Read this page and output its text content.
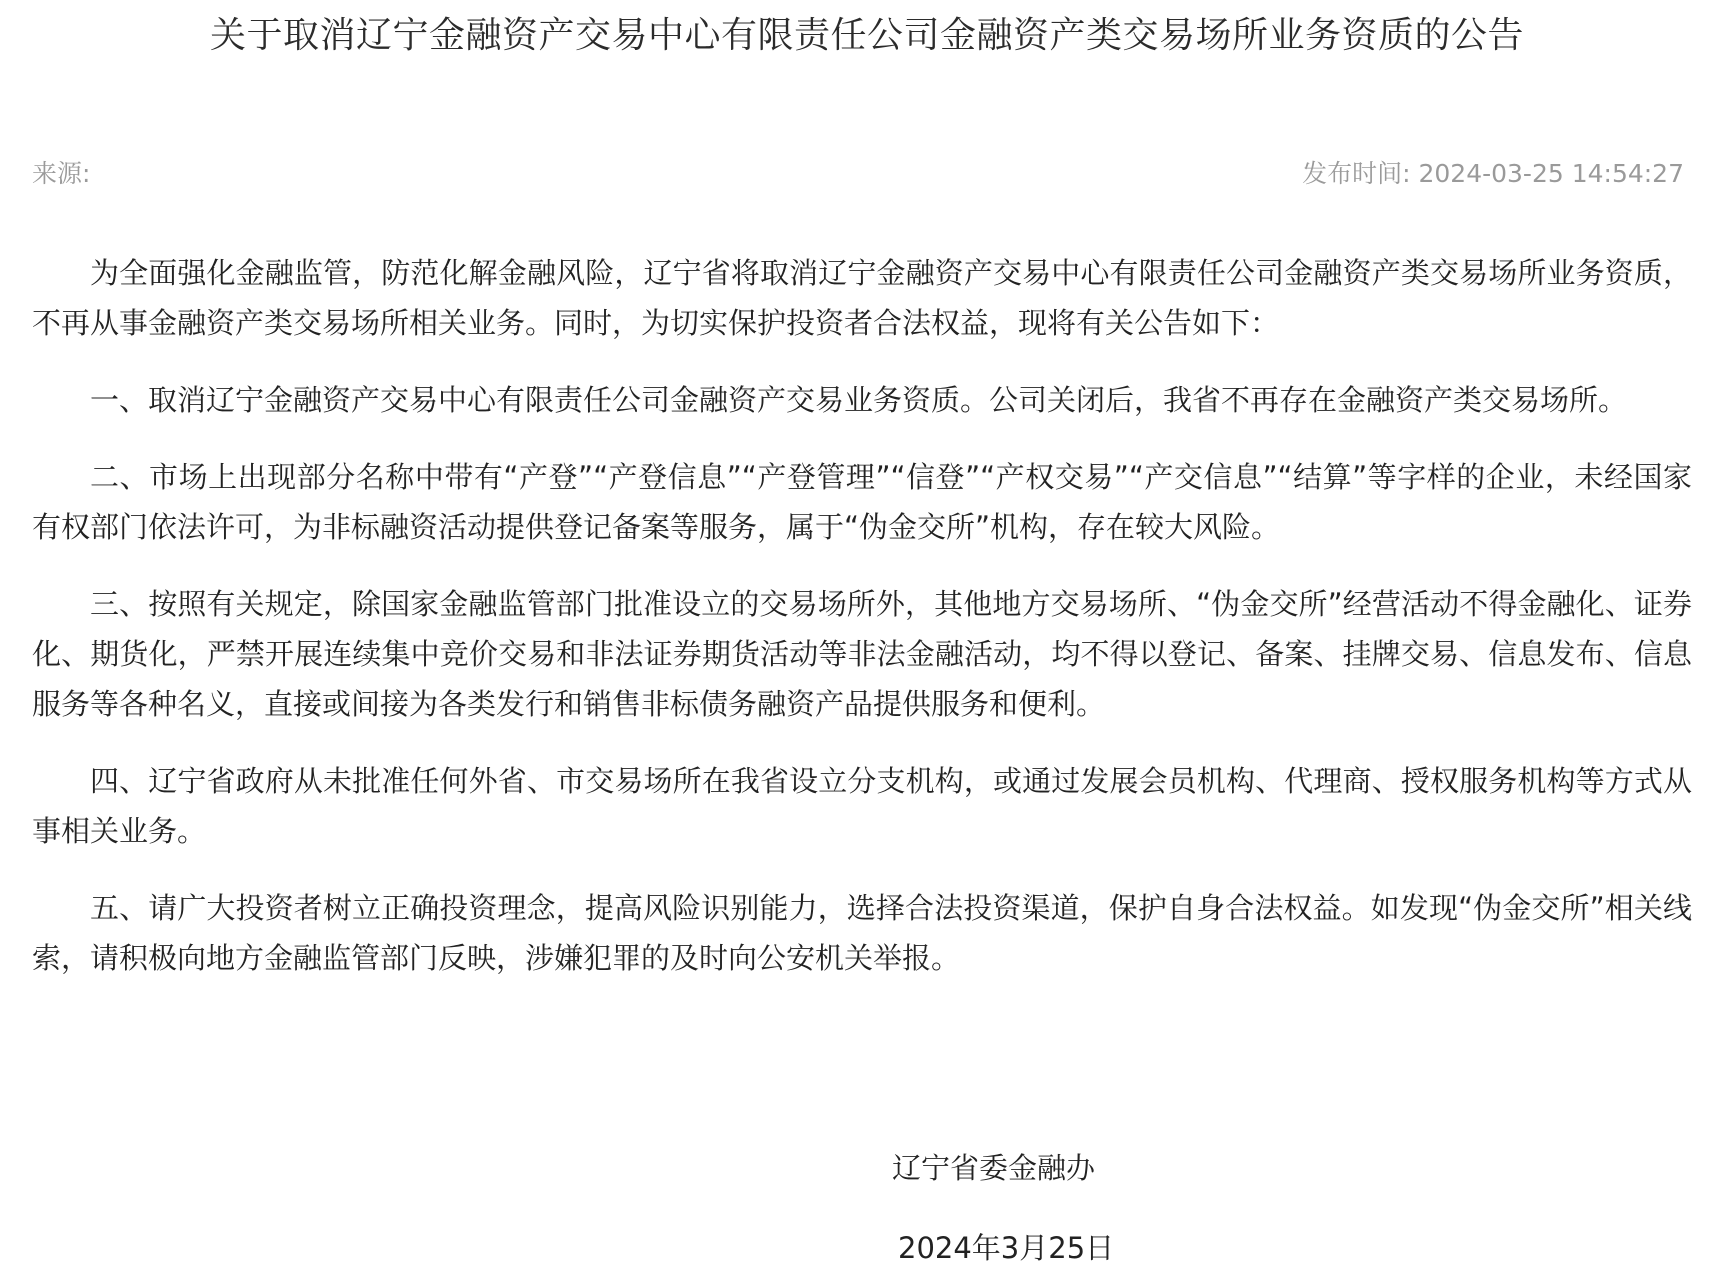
关于取消辽宁金融资产交易中心有限责任公司金融资产类交易场所业务资质的公告
来源:	发布时间: 2024-03-25 14:54:27

为全面强化金融监管，防范化解金融风险，辽宁省将取消辽宁金融资产交易中心有限责任公司金融资产类交易场所业务资质，不再从事金融资产类交易场所相关业务。同时，为切实保护投资者合法权益，现将有关公告如下：

一、取消辽宁金融资产交易中心有限责任公司金融资产交易业务资质。公司关闭后，我省不再存在金融资产类交易场所。

二、市场上出现部分名称中带有“产登”“产登信息”“产登管理”“信登”“产权交易”“产交信息”“结算”等字样的企业，未经国家有权部门依法许可，为非标融资活动提供登记备案等服务，属于“伪金交所”机构，存在较大风险。

三、按照有关规定，除国家金融监管部门批准设立的交易场所外，其他地方交易场所、“伪金交所”经营活动不得金融化、证券化、期货化，严禁开展连续集中竞价交易和非法证券期货活动等非法金融活动，均不得以登记、备案、挂牌交易、信息发布、信息服务等各种名义，直接或间接为各类发行和销售非标债务融资产品提供服务和便利。

四、辽宁省政府从未批准任何外省、市交易场所在我省设立分支机构，或通过发展会员机构、代理商、授权服务机构等方式从事相关业务。

五、请广大投资者树立正确投资理念，提高风险识别能力，选择合法投资渠道，保护自身合法权益。如发现“伪金交所”相关线索，请积极向地方金融监管部门反映，涉嫌犯罪的及时向公安机关举报。

辽宁省委金融办
2024年3月25日
